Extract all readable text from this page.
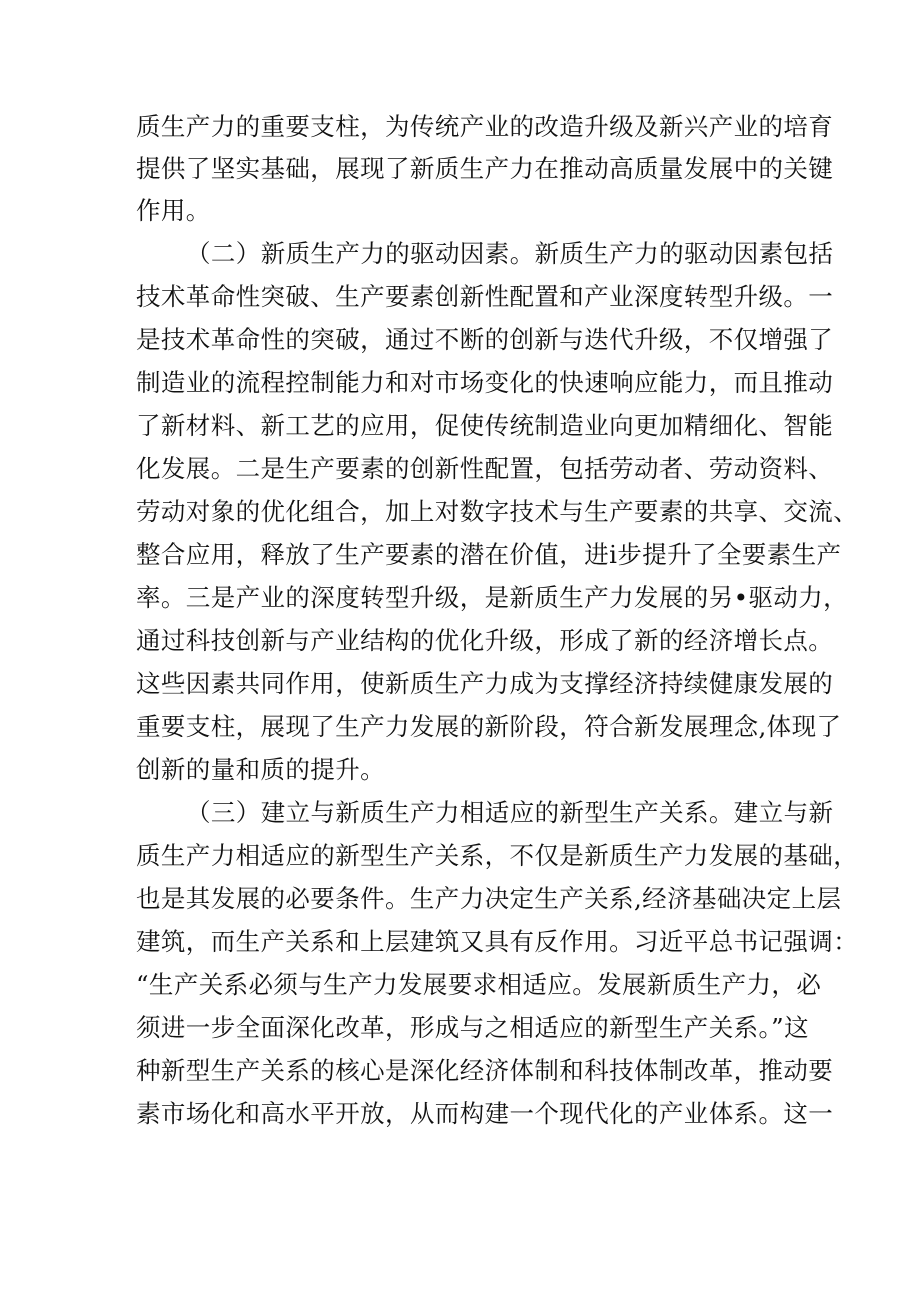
质生产力的重要支柱，为传统产业的改造升级及新兴产业的培育

提供了坚实基础，展现了新质生产力在推动高质量发展中的关键

作用。

（二）新质生产力的驱动因素。新质生产力的驱动因素包括

技术革命性突破、生产要素创新性配置和产业深度转型升级。一

是技术革命性的突破，通过不断的创新与迭代升级，不仅增强了

制造业的流程控制能力和对市场变化的快速响应能力，而且推动

了新材料、新工艺的应用，促使传统制造业向更加精细化、智能

化发展。二是生产要素的创新性配置，包括劳动者、劳动资料、

劳动对象的优化组合，加上对数字技术与生产要素的共享、交流、

整合应用，释放了生产要素的潜在价值，进i步提升了全要素生产

率。三是产业的深度转型升级，是新质生产力发展的另•驱动力，

通过科技创新与产业结构的优化升级，形成了新的经济增长点。

这些因素共同作用，使新质生产力成为支撑经济持续健康发展的

重要支柱，展现了生产力发展的新阶段，符合新发展理念,体现了

创新的量和质的提升。

（三）建立与新质生产力相适应的新型生产关系。建立与新

质生产力相适应的新型生产关系，不仅是新质生产力发展的基础，

也是其发展的必要条件。生产力决定生产关系,经济基础决定上层

建筑，而生产关系和上层建筑又具有反作用。习近平总书记强调：

“生产关系必须与生产力发展要求相适应。发展新质生产力，必

须进一步全面深化改革，形成与之相适应的新型生产关系。”这

种新型生产关系的核心是深化经济体制和科技体制改革，推动要

素市场化和高水平开放，从而构建一个现代化的产业体系。这一
